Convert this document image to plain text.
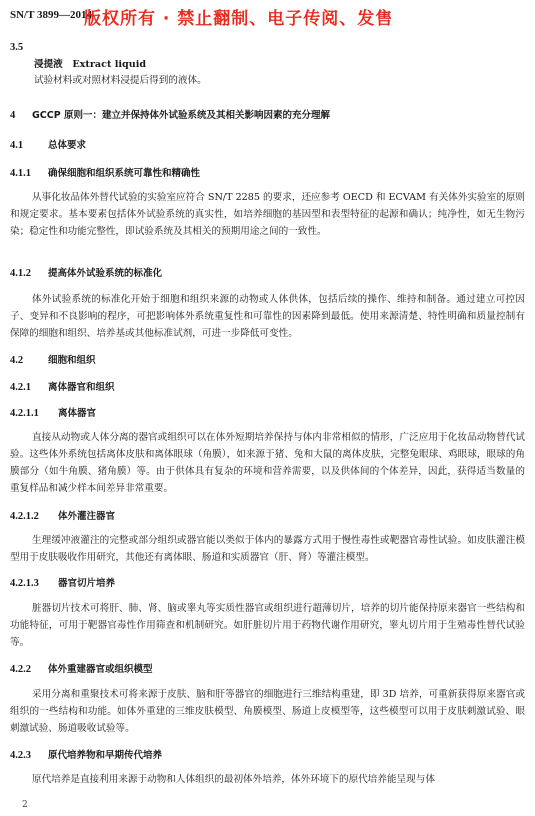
SN/T 3899—2014
版权所有 · 禁止翻制、电子传阅、发售

3.5

浸提液　Extract liquid

试验材料或对照材料浸提后得到的液体。

4 GCCP 原则一：建立并保持体外试验系统及其相关影响因素的充分理解

4.1	总体要求

4.1.1 确保细胞和组织系统可靠性和精确性

从事化妆品体外替代试验的实验室应符合 SN/T 2285 的要求，还应参考 OECD 和 ECVAM 有关体外实验室的原则和规定要求。基本要素包括体外试验系统的真实性，如培养细胞的基因型和表型特征的起源和确认；纯净性，如无生物污染；稳定性和功能完整性，即试验系统及其相关的预期用途之间的一致性。

4.1.2 提高体外试验系统的标准化

体外试验系统的标准化开始于细胞和组织来源的动物或人体供体，包括后续的操作、维持和制备。通过建立可控因子、变异和不良影响的程序，可把影响体外系统重复性和可靠性的因素降到最低。使用来源清楚、特性明确和质量控制有保障的细胞和组织、培养基或其他标准试剂，可进一步降低可变性。

4.2	细胞和组织

4.2.1 离体器官和组织

4.2.1.1 离体器官

直接从动物或人体分离的器官或组织可以在体外短期培养保持与体内非常相似的情形，广泛应用于化妆品动物替代试验。这些体外系统包括离体皮肤和离体眼球（角膜），如来源于猪、兔和大鼠的离体皮肤，完整兔眼球、鸡眼球，眼球的角膜部分（如牛角膜、猪角膜）等。由于供体具有复杂的环境和营养需要，以及供体间的个体差异，因此，获得适当数量的重复样品和减少样本间差异非常重要。

4.2.1.2 体外灌注器官

生理缓冲液灌注的完整或部分组织或器官能以类似于体内的暴露方式用于慢性毒性或靶器官毒性试验。如皮肤灌注模型用于皮肤吸收作用研究，其他还有离体眼、肠道和实质器官（肝、肾）等灌注模型。

4.2.1.3 器官切片培养

脏器切片技术可将肝、肺、肾、脑或睾丸等实质性器官或组织进行超薄切片，培养的切片能保持原来器官一些结构和功能特征，可用于靶器官毒性作用筛查和机制研究。如肝脏切片用于药物代谢作用研究，睾丸切片用于生殖毒性替代试验等。

4.2.2 体外重建器官或组织模型

采用分离和重聚技术可将来源于皮肤、脑和肝等器官的细胞进行三维结构重建，即 3D 培养，可重新获得原来器官或组织的一些结构和功能。如体外重建的三维皮肤模型、角膜模型、肠道上皮模型等，这些模型可以用于皮肤刺激试验、眼刺激试验、肠道吸收试验等。

4.2.3 原代培养物和早期传代培养

原代培养是直接利用来源于动物和人体组织的最初体外培养，体外环境下的原代培养能呈现与体

2
